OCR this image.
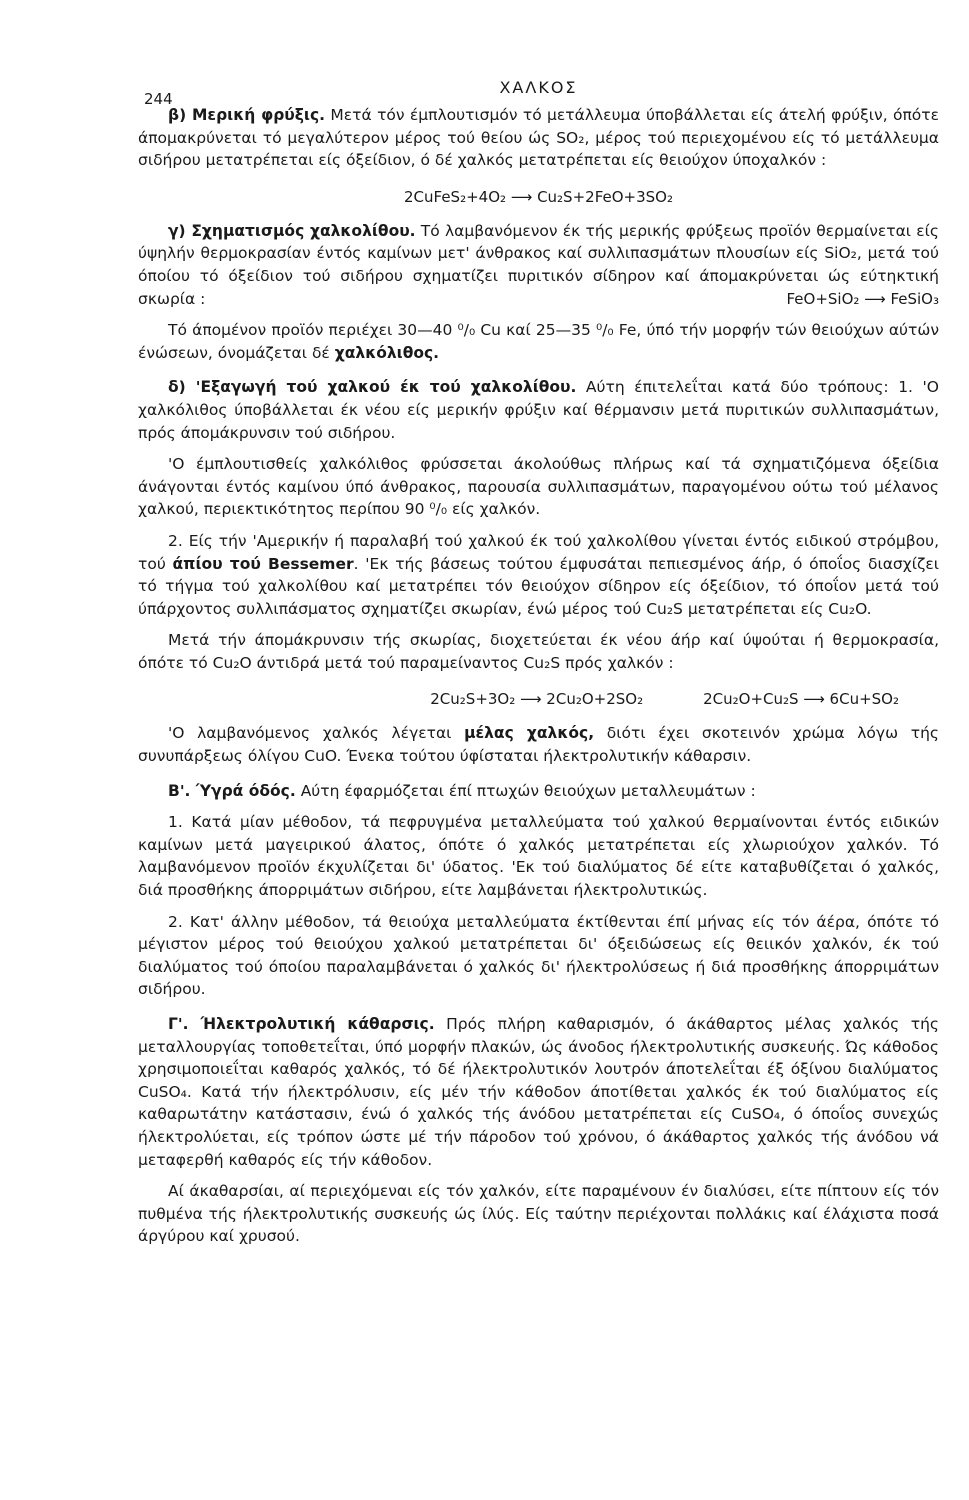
244
ΧΑΛΚΟΣ

β) Μερική φρύξις. Μετά τόν έμπλουτισμόν τό μετάλλευμα ύποβάλλεται είς άτελή φρύξιν, όπότε άπομακρύνεται τό μεγαλύτερον μέρος τού θείου ώς SO₂, μέρος τού περιεχομένου είς τό μετάλλευμα σιδήρου μετατρέπεται είς όξείδιον, ό δέ χαλκός μετατρέπεται είς θειούχον ύποχαλκόν :

2CuFeS₂+4O₂ ⟶ Cu₂S+2FeO+3SO₂

γ) Σχηματισμός χαλκολίθου. Τό λαμβανόμενον έκ τής μερικής φρύξεως προϊόν θερμαίνεται είς ύψηλήν θερμοκρασίαν έντός καμίνων μετ' άνθρακος καί συλλιπασμάτων πλουσίων είς SiO₂, μετά τού όποίου τό όξείδιον τού σιδήρου σχηματίζει πυριτικόν σίδηρον καί άπομακρύνεται ώς εύτηκτική σκωρία :	FeO+SiO₂ ⟶ FeSiO₃

Τό άπομένον προϊόν περιέχει 30—40 ⁰/₀ Cu καί 25—35 ⁰/₀ Fe, ύπό τήν μορφήν τών θειούχων αύτών ένώσεων, όνομάζεται δέ χαλκόλιθος.

δ) 'Εξαγωγή τού χαλκού έκ τού χαλκολίθου. Αύτη έπιτελεΐται κατά δύο τρόπους: 1. 'Ο χαλκόλιθος ύποβάλλεται έκ νέου είς μερικήν φρύξιν καί θέρμανσιν μετά πυριτικών συλλιπασμάτων, πρός άπομάκρυνσιν τού σιδήρου.

'Ο έμπλουτισθείς χαλκόλιθος φρύσσεται άκολούθως πλήρως καί τά σχηματιζόμενα όξείδια άνάγονται έντός καμίνου ύπό άνθρακος, παρουσία συλλιπασμάτων, παραγομένου ούτω τού μέλανος χαλκού, περιεκτικότητος περίπου 90 ⁰/₀ είς χαλκόν.

2. Είς τήν 'Αμερικήν ή παραλαβή τού χαλκού έκ τού χαλκολίθου γίνεται έντός ειδικού στρόμβου, τού άπίου τού Bessemer. 'Εκ τής βάσεως τούτου έμφυσάται πεπιεσμένος άήρ, ό όποΐος διασχίζει τό τήγμα τού χαλκολίθου καί μετατρέπει τόν θειούχον σίδηρον είς όξείδιον, τό όποΐον μετά τού ύπάρχοντος συλλιπάσματος σχηματίζει σκωρίαν, ένώ μέρος τού Cu₂S μετατρέπεται είς Cu₂O.

Μετά τήν άπομάκρυνσιν τής σκωρίας, διοχετεύεται έκ νέου άήρ καί ύψούται ή θερμοκρασία, όπότε τό Cu₂O άντιδρά μετά τού παραμείναντος Cu₂S πρός χαλκόν :

2Cu₂S+3O₂ ⟶ 2Cu₂O+2SO₂	2Cu₂O+Cu₂S ⟶ 6Cu+SO₂

'Ο λαμβανόμενος χαλκός λέγεται μέλας χαλκός, διότι έχει σκοτεινόν χρώμα λόγω τής συνυπάρξεως όλίγου CuO. Ένεκα τούτου ύφίσταται ήλεκτρολυτικήν κάθαρσιν.

Β'. Ύγρά όδός. Αύτη έφαρμόζεται έπί πτωχών θειούχων μεταλλευμάτων :

1. Κατά μίαν μέθοδον, τά πεφρυγμένα μεταλλεύματα τού χαλκού θερμαίνονται έντός ειδικών καμίνων μετά μαγειρικού άλατος, όπότε ό χαλκός μετατρέπεται είς χλωριούχον χαλκόν. Τό λαμβανόμενον προϊόν έκχυλίζεται δι' ύδατος. 'Εκ τού διαλύματος δέ είτε καταβυθίζεται ό χαλκός, διά προσθήκης άπορριμάτων σιδήρου, είτε λαμβάνεται ήλεκτρολυτικώς.

2. Κατ' άλλην μέθοδον, τά θειούχα μεταλλεύματα έκτίθενται έπί μήνας είς τόν άέρα, όπότε τό μέγιστον μέρος τού θειούχου χαλκού μετατρέπεται δι' όξειδώσεως είς θειικόν χαλκόν, έκ τού διαλύματος τού όποίου παραλαμβάνεται ό χαλκός δι' ήλεκτρολύσεως ή διά προσθήκης άπορριμάτων σιδήρου.

Γ'. Ήλεκτρολυτική κάθαρσις. Πρός πλήρη καθαρισμόν, ό άκάθαρτος μέλας χαλκός τής μεταλλουργίας τοποθετεΐται, ύπό μορφήν πλακών, ώς άνοδος ήλεκτρολυτικής συσκευής. Ώς κάθοδος χρησιμοποιεΐται καθαρός χαλκός, τό δέ ήλεκτρολυτικόν λουτρόν άποτελεΐται έξ όξίνου διαλύματος CuSO₄. Κατά τήν ήλεκτρόλυσιν, είς μέν τήν κάθοδον άποτίθεται χαλκός έκ τού διαλύματος είς καθαρωτάτην κατάστασιν, ένώ ό χαλκός τής άνόδου μετατρέπεται είς CuSO₄, ό όποΐος συνεχώς ήλεκτρολύεται, είς τρόπον ώστε μέ τήν πάροδον τού χρόνου, ό άκάθαρτος χαλκός τής άνόδου νά μεταφερθή καθαρός είς τήν κάθοδον.

Αί άκαθαρσίαι, αί περιεχόμεναι είς τόν χαλκόν, είτε παραμένουν έν διαλύσει, είτε πίπτουν είς τόν πυθμένα τής ήλεκτρολυτικής συσκευής ώς ίλύς. Είς ταύτην περιέχονται πολλάκις καί έλάχιστα ποσά άργύρου καί χρυσού.
